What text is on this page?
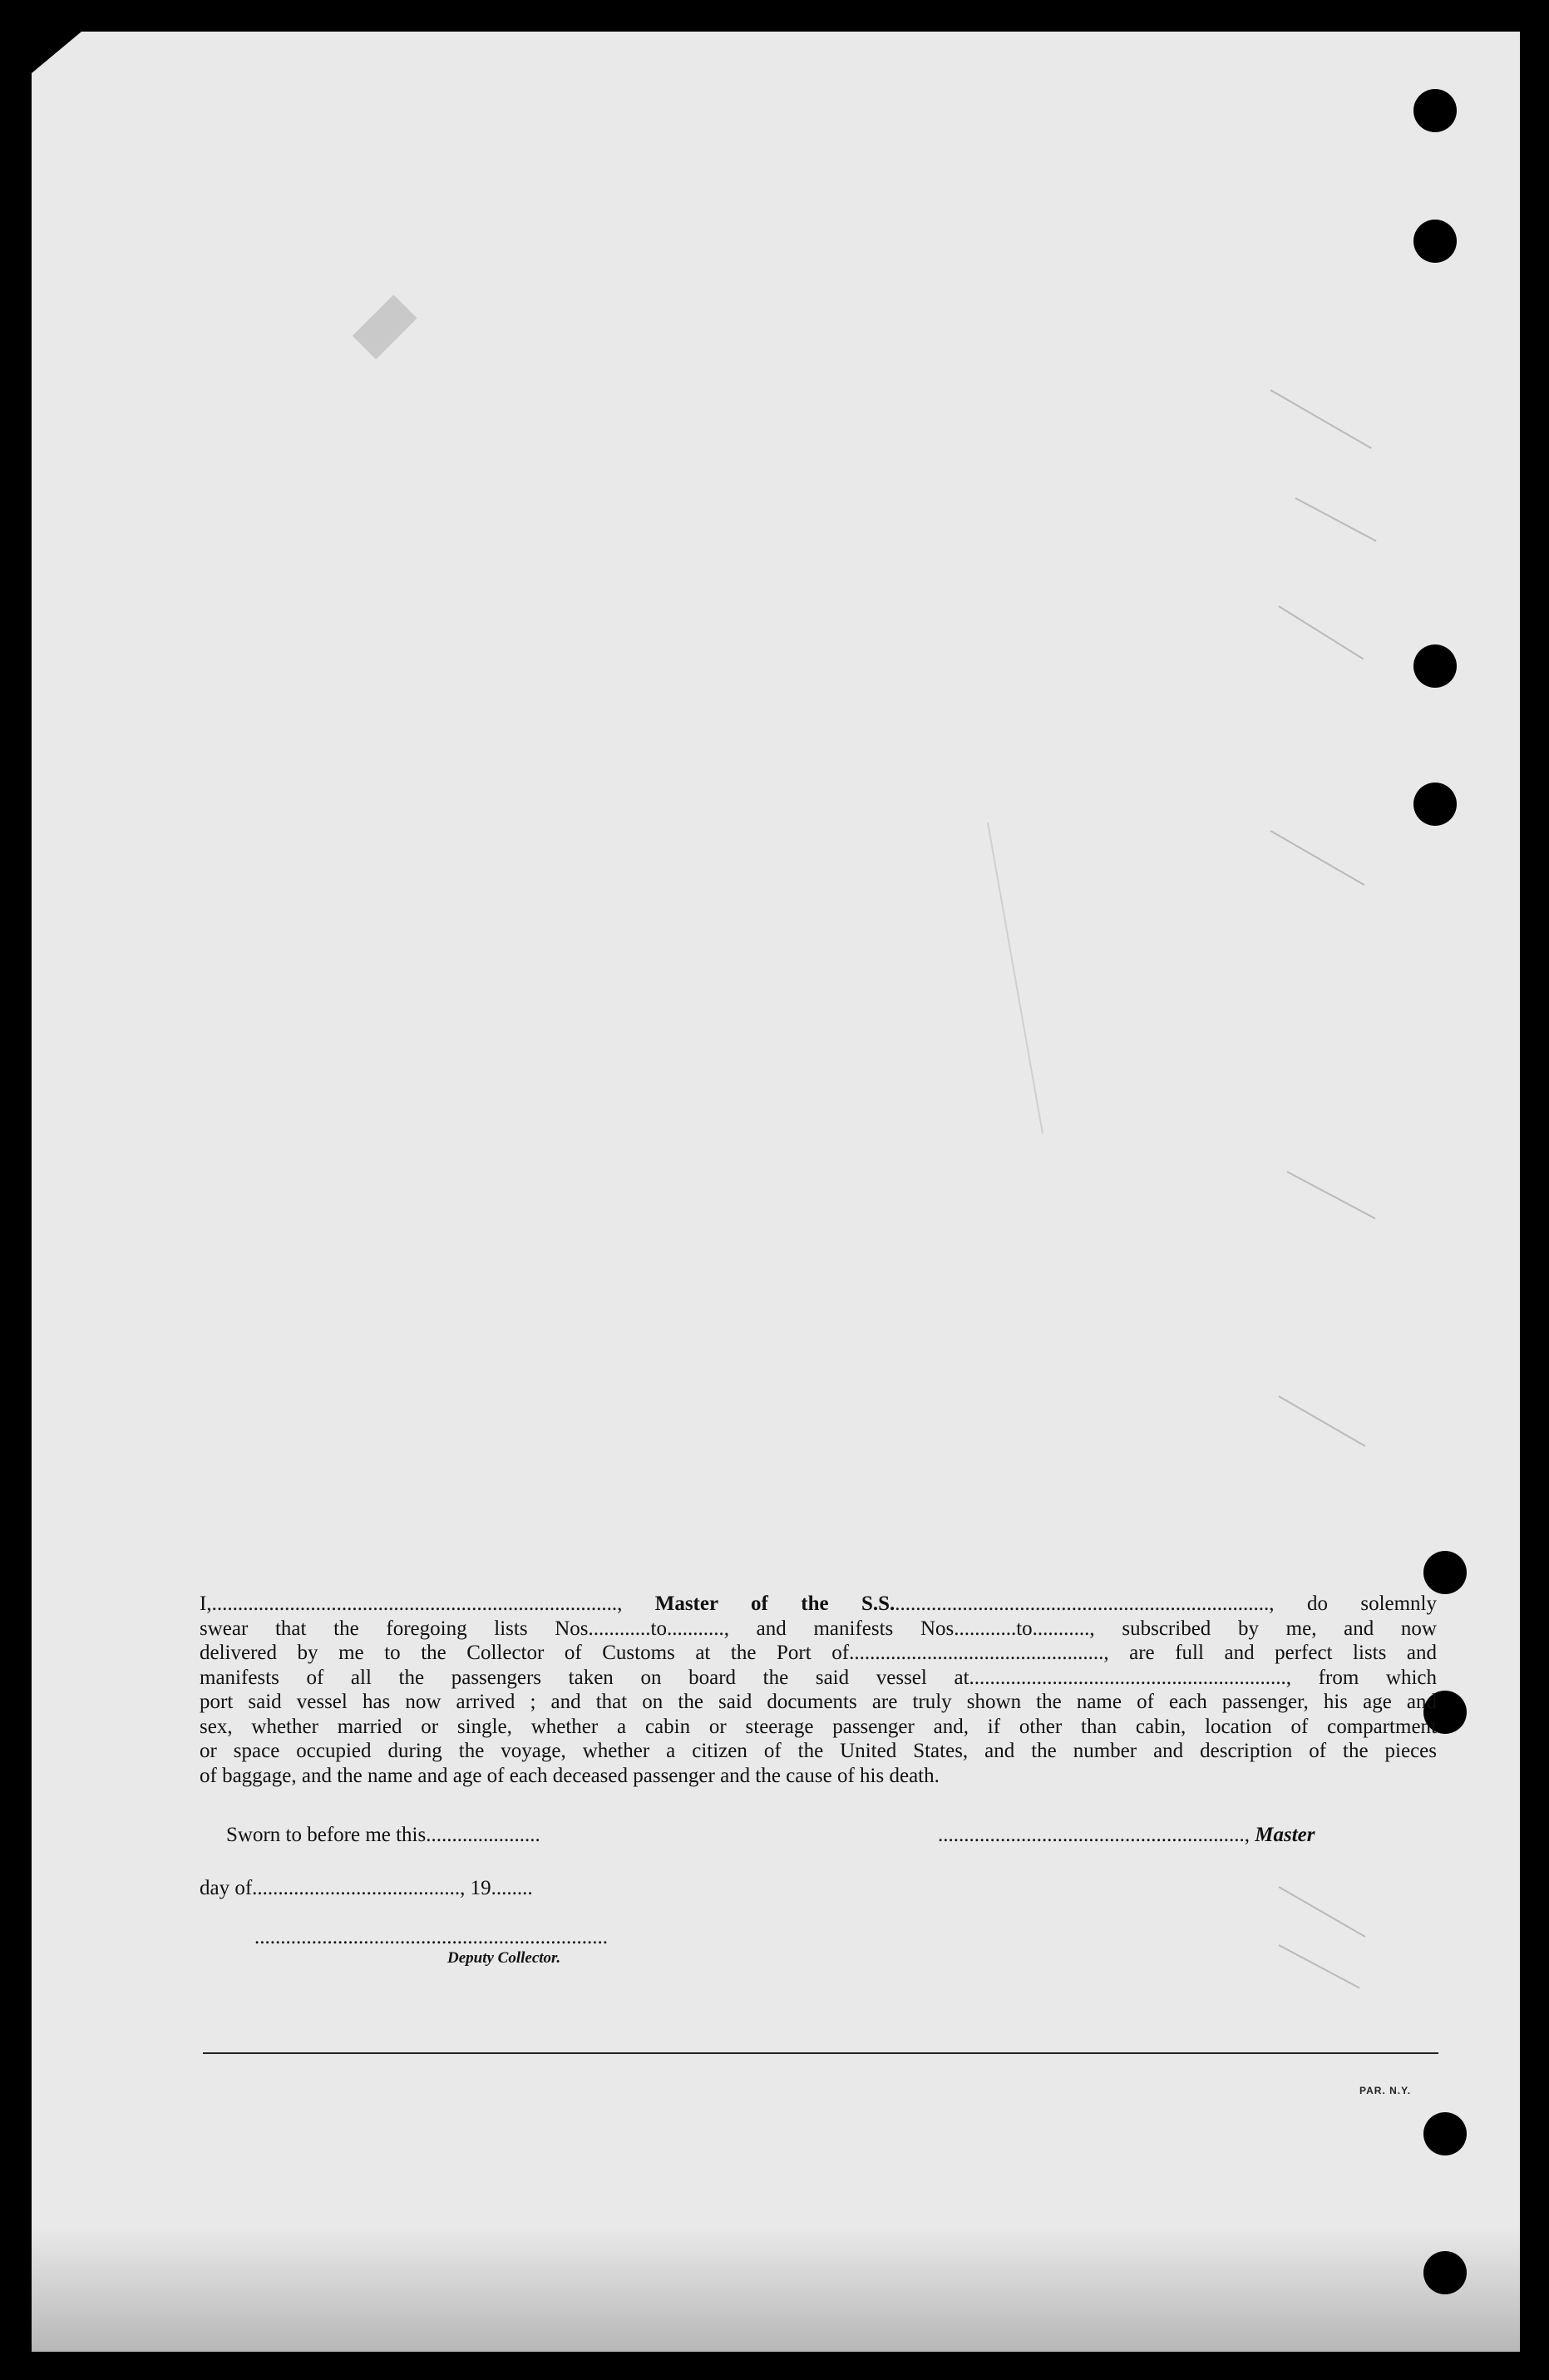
I,.............................................................................., Master of the S.S........................................................................., do solemnly
swear that the foregoing lists Nos............to..........., and manifests Nos............to..........., subscribed by me, and now
delivered by me to the Collector of Customs at the Port of................................................., are full and perfect lists and
manifests of all the passengers taken on board the said vessel at............................................................., from which
port said vessel has now arrived ; and that on the said documents are truly shown the name of each passenger, his age and
sex, whether married or single, whether a cabin or steerage passenger and, if other than cabin, location of compartment
or space occupied during the voyage, whether a citizen of the United States, and the number and description of the pieces
of baggage, and the name and age of each deceased passenger and the cause of his death.
Sworn to before me this......................	..........................................................., Master
day of........................................, 19........
....................................................................
Deputy Collector.
PAR. N.Y.
